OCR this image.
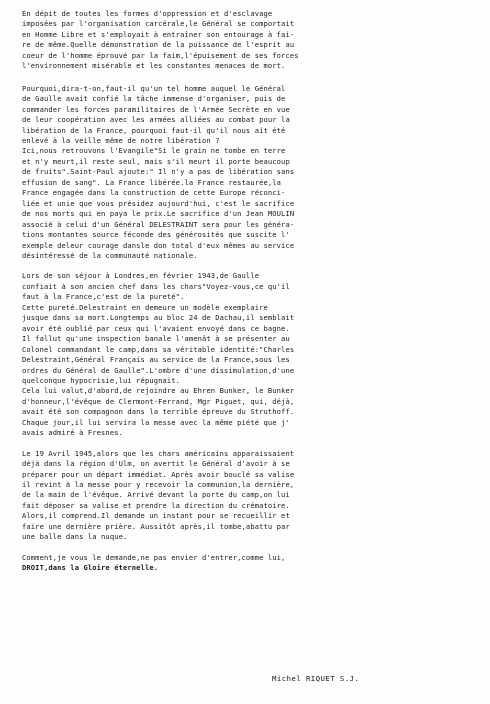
En dépit de toutes les formes d'oppression et d'esclavage
imposées par l'organisation carcérale,le Général se comportait
en Homme Libre et s'employait à entraîner son entourage à fai-
re de même.Quelle démonstration de la puissance de l'esprit au
coeur de l'homme éprouvé par la faim,l'épuisement de ses forces
l'environnement misérable et les constantes menaces de mort.

Pourquoi,dira-t-on,faut-il qu'un tel homme auquel le Général
de Gaulle avait confié la tâche immense d'organiser, puis de
commander les forces paramilitaires de l'Armée Secrète en vue
de leur coopération avec les armées alliées au combat pour la
libération de la France, pourquoi faut-il qu'il nous ait été
enlevé à la veille même de notre libération ?
Ici,nous retrouvons l'Evangile"Si le grain ne tombe en terre
et n'y meurt,il reste seul, mais s'il meurt il porte beaucoup
de fruits".Saint-Paul ajoute:" Il n'y a pas de libération sans
effusion de sang". La France libérée.la France restaurée,la
France engagée dans la construction de cette Europe réconci-
liée et unie que vous présidez aujourd'hui, c'est le sacrifice
de nos morts qui en paya le prix.Le sacrifice d'un Jean MOULIN
associé à celui d'un Général DELESTRAINT sera pour les généra-
tions montantes source féconde des générosités que suscite l'
exemple deleur courage dansle don total d'eux mêmes au service
désintéressé de la communauté nationale.

Lors de son séjour à Londres,en février 1943,de Gaulle
confiait à son ancien chef dans les chars"Voyez-vous,ce qu'il
faut à la France,c'est de la pureté".
Cette pureté.Delestraint en demeure un modèle exemplaire
jusque dans sa mort.Longtemps au bloc 24 de Dachau,il semblait
avoir été oublié par ceux qui l'avaient envoyé dans ce bagne.
Il fallut qu'une inspection banale l'amenât à se présenter au
Colonel commandant le camp,dans sa véritable identité:"Charles
Delestraint,Général Français au service de la France,sous les
ordres du Général de Gaulle".L'ombre d'une dissimulation,d'une
quelconque hypocrisie,lui répugnait.
Cela lui valut,d'abord,de rejoindre au Ehren Bunker, le Bunker
d'honneur,l'évêque de Clermont-Ferrand, Mgr Piguet, qui, déjà,
avait été son compagnon dans la terrible épreuve du Struthoff.
Chaque jour,il lui servira la messe avec la même piété que j'
avais admiré à Fresnes.

Le 19 Avril 1945,alors que les chars américains apparaissaient
déjà dans la région d'Ulm, on avertit le Général d'avoir à se
préparer pour un départ immédiat. Après avoir bouclé sa valise
il revint à la messe pour y recevoir la communion,la dernière,
de la main de l'évêque. Arrivé devant la porte du camp,on lui
fait déposer sa valise et prendre la direction du crématoire.
Alors,il comprend.Il demande un instant pour se recueillir et
faire une dernière prière. Aussitôt après,il tombe,abattu par
une balle dans la nuque.

Comment,je vous le demande,ne pas envier d'entrer,comme lui,
DROIT,dans la Gloire éternelle.

Michel RIQUET S.J.
